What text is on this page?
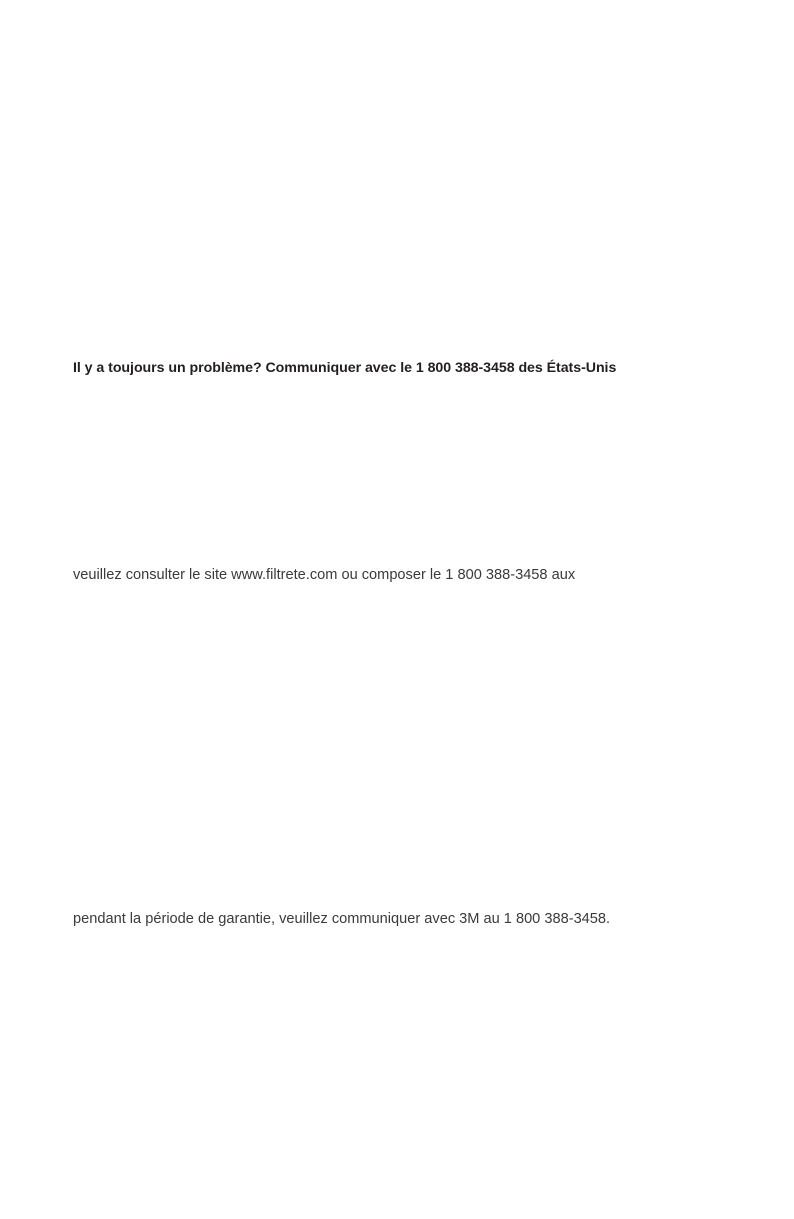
Il y a toujours un problème? Communiquer avec le 1 800 388-3458 des États-Unis

veuillez consulter le site www.filtrete.com ou composer le 1 800 388-3458 aux

pendant la période de garantie, veuillez communiquer avec 3M au 1 800 388-3458.
